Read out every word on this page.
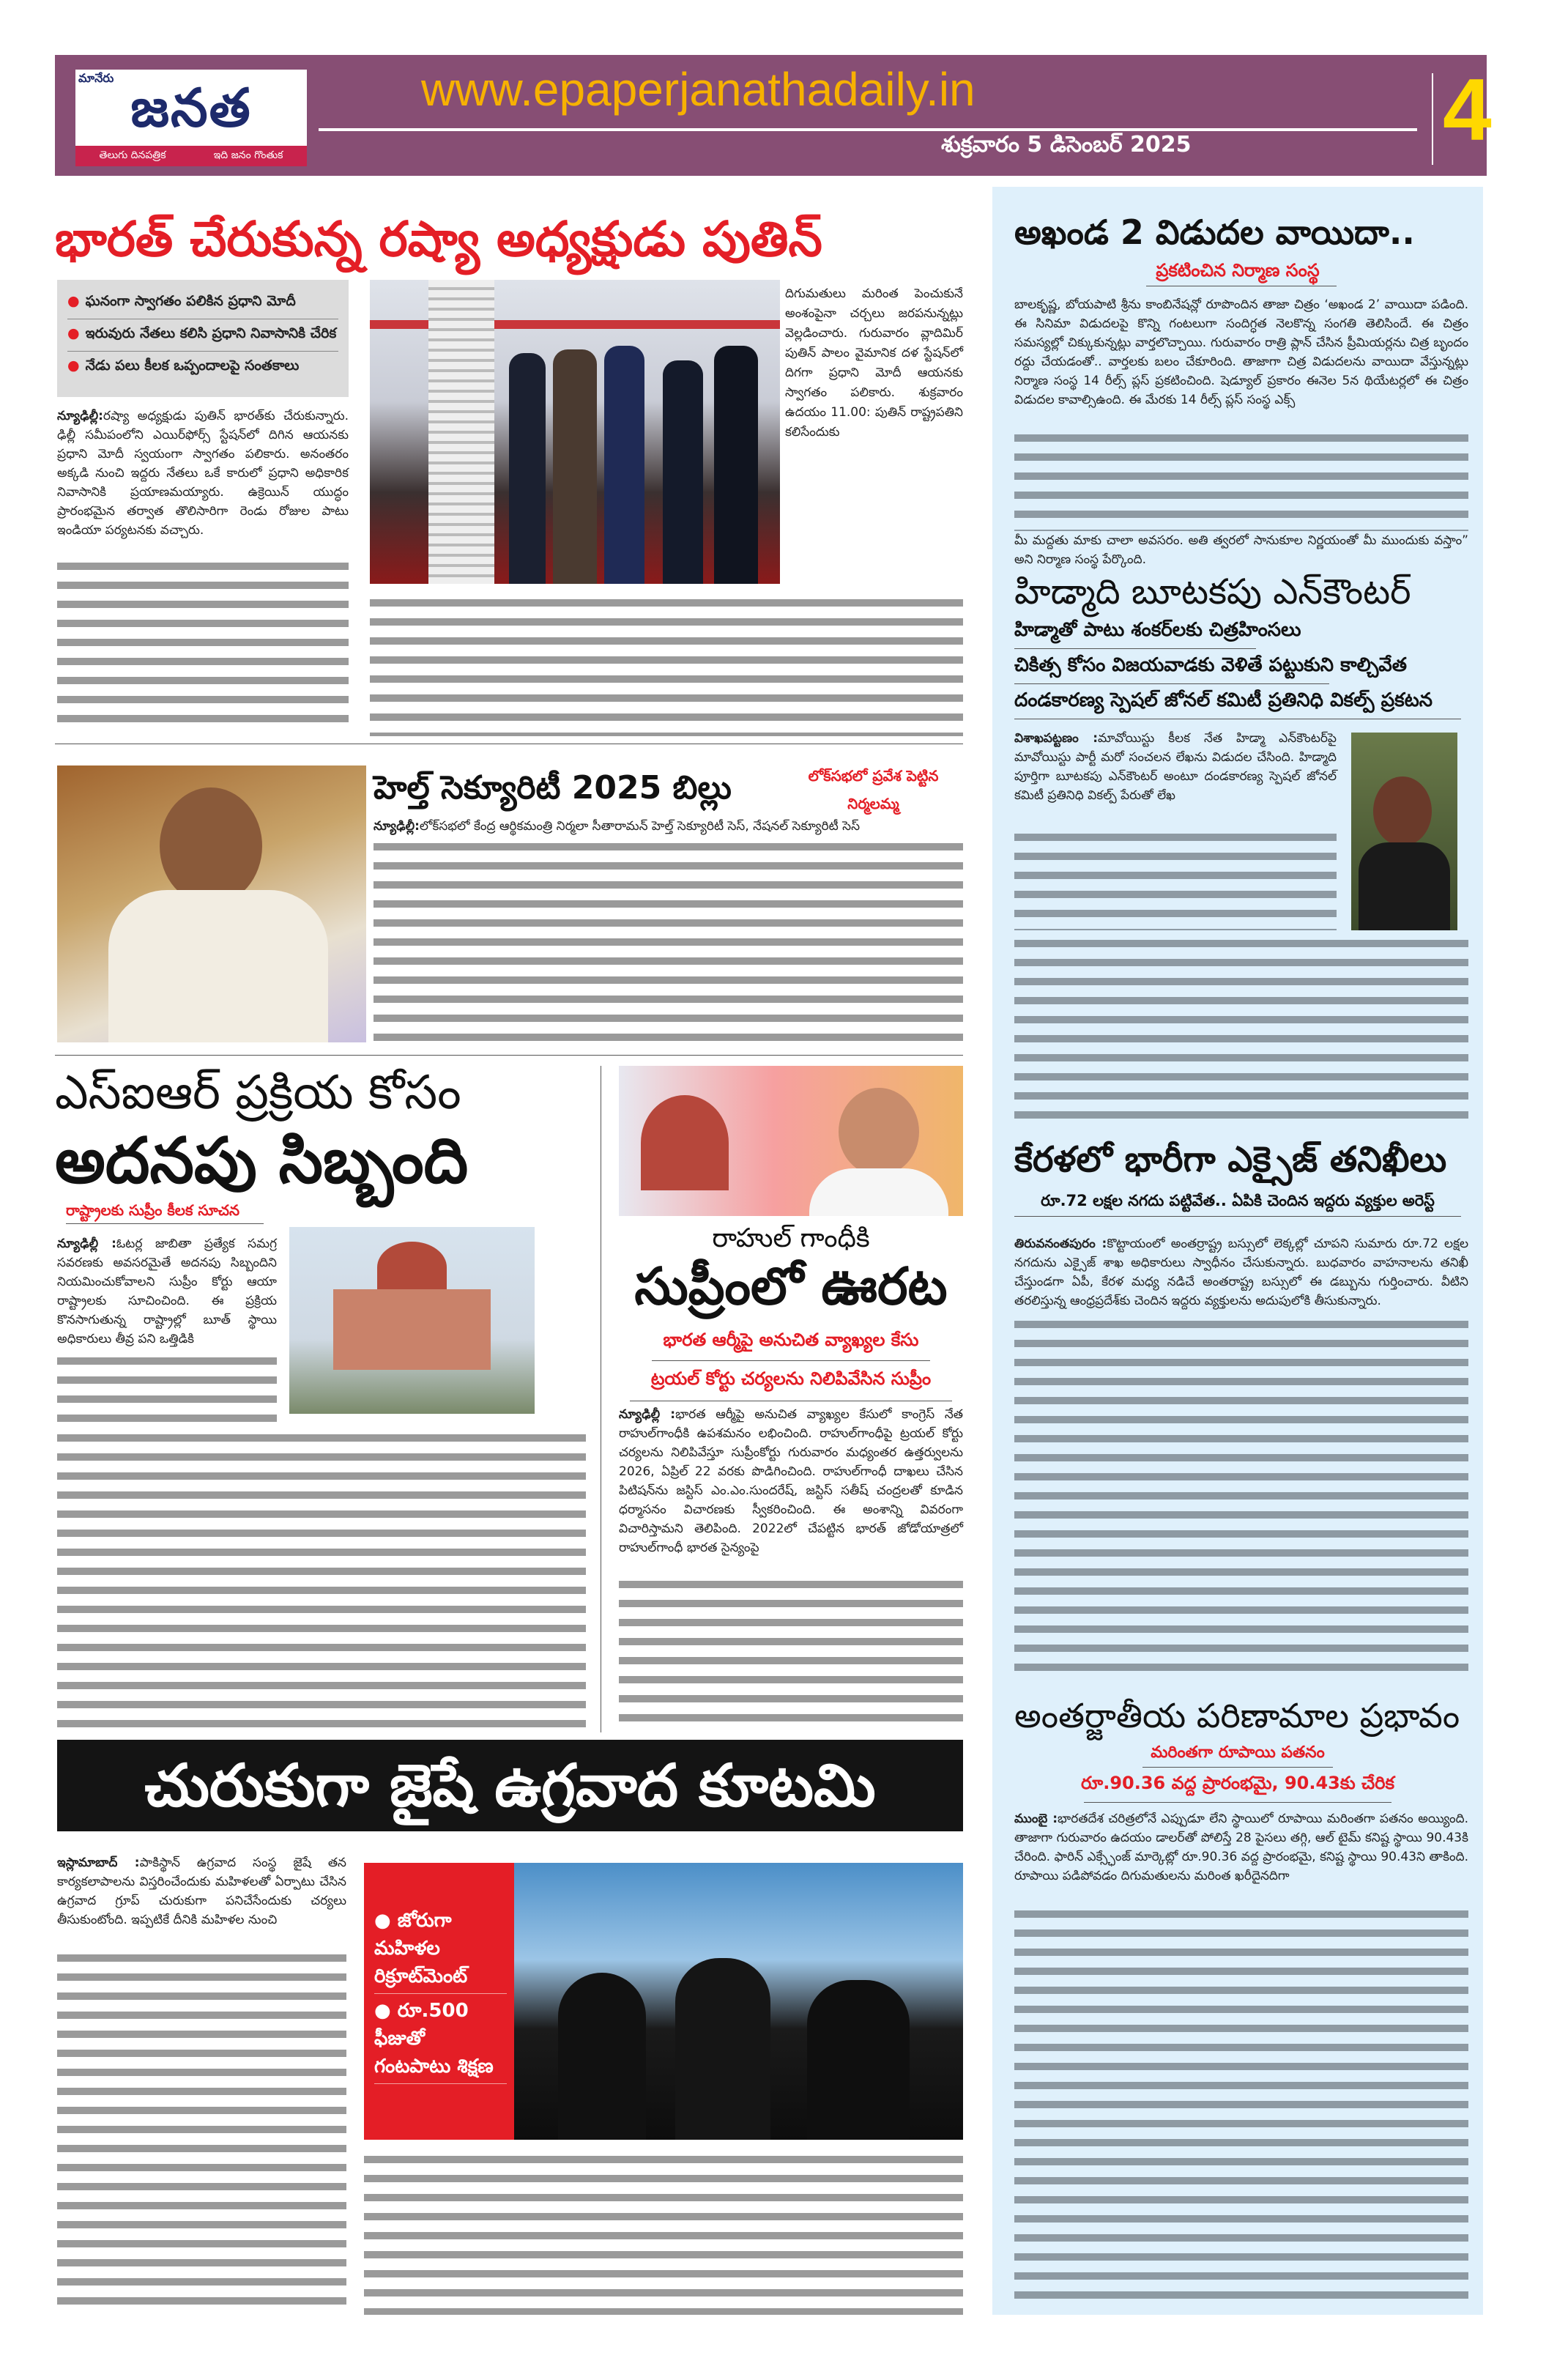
మానేరు జనత
తెలుగు దినపత్రిక	ఇది జనం గొంతుక
www.epaperjanathadaily.in
శుక్రవారం 5 డిసెంబర్ 2025	4
భారత్ చేరుకున్న రష్యా అధ్యక్షుడు పుతిన్
● ఘనంగా స్వాగతం పలికిన ప్రధాని మోదీ
● ఇరువురు నేతలు కలిసి ప్రధాని నివాసానికి చేరిక
● నేడు పలు కీలక ఒప్పందాలపై సంతకాలు
న్యూఢిల్లీ:రష్యా అధ్యక్షుడు పుతిన్ భారత్‌కు చేరుకున్నారు. ఢిల్లీ సమీపంలోని ఎయిర్‌ఫోర్స్ స్టేషన్‌లో దిగిన ఆయనకు ప్రధాని మోదీ స్వయంగా స్వాగతం పలికారు. అనంతరం అక్కడి నుంచి ఇద్దరు నేతలు ఒకే కారులో ప్రధాని అధికారిక నివాసానికి ప్రయాణమయ్యారు. ఉక్రెయిన్ యుద్ధం ప్రారంభమైన తర్వాత తొలిసారిగా రెండు రోజుల పాటు ఇండియా పర్యటనకు వచ్చారు.
దిగుమతులు మరింత పెంచుకునే అంశంపైనా చర్చలు జరపనున్నట్లు వెల్లడించారు. గురువారం వ్లాదిమిర్ పుతిన్ పాలం వైమానిక దళ స్టేషన్‌లో దిగగా ప్రధాని మోదీ ఆయనకు స్వాగతం పలికారు. శుక్రవారం ఉదయం 11.00: పుతిన్ రాష్ట్రపతిని కలిసేందుకు
హెల్త్ సెక్యూరిటీ 2025 బిల్లు	లోక్‌సభలో ప్రవేశ పెట్టిన నిర్మలమ్మ
న్యూఢిల్లీ:లోక్‌సభలో కేంద్ర ఆర్థికమంత్రి నిర్మలా సీతారామన్ హెల్త్ సెక్యూరిటీ సెస్, నేషనల్ సెక్యూరిటీ సెస్
ఎస్ఐఆర్ ప్రక్రియ కోసం
అదనపు సిబ్బంది
రాష్ట్రాలకు సుప్రీం కీలక సూచన
న్యూఢిల్లీ :ఓటర్ల జాబితా ప్రత్యేక సమగ్ర సవరణకు అవసరమైతే అదనపు సిబ్బందిని నియమించుకోవాలని సుప్రీం కోర్టు ఆయా రాష్ట్రాలకు సూచించింది. ఈ ప్రక్రియ కొనసాగుతున్న రాష్ట్రాల్లో బూత్ స్థాయి అధికారులు తీవ్ర పని ఒత్తిడికి
రాహుల్ గాంధీకి
సుప్రీంలో ఊరట
భారత ఆర్మీపై అనుచిత వ్యాఖ్యల కేసు
ట్రయల్ కోర్టు చర్యలను నిలిపివేసిన సుప్రీం
న్యూఢిల్లీ :భారత ఆర్మీపై అనుచిత వ్యాఖ్యల కేసులో కాంగ్రెస్ నేత రాహుల్‌గాంధీకి ఉపశమనం లభించింది. రాహుల్‌గాంధీపై ట్రయల్ కోర్టు చర్యలను నిలిపివేస్తూ సుప్రీంకోర్టు గురువారం మధ్యంతర ఉత్తర్వులను 2026, ఏప్రిల్ 22 వరకు పొడిగించింది. రాహుల్‌గాంధీ దాఖలు చేసిన పిటిషన్‌ను జస్టిస్ ఎం.ఎం.సుందరేష్, జస్టిస్ సతీష్ చంద్రలతో కూడిన ధర్మాసనం విచారణకు స్వీకరించింది. ఈ అంశాన్ని వివరంగా విచారిస్తామని తెలిపింది. 2022లో చేపట్టిన భారత్ జోడోయాత్రలో రాహుల్‌గాంధీ భారత సైన్యంపై
చురుకుగా జైషే ఉగ్రవాద కూటమి
ఇస్లామాబాద్ :పాకిస్థాన్ ఉగ్రవాద సంస్థ జైషే తన కార్యకలాపాలను విస్తరించేందుకు మహిళలతో ఏర్పాటు చేసిన ఉగ్రవాద గ్రూప్ చురుకుగా పనిచేసేందుకు చర్యలు తీసుకుంటోంది. ఇప్పటికే దీనికి మహిళల నుంచి	● జోరుగా మహిళల రిక్రూట్‌మెంట్
● రూ.500 ఫీజుతో గంటపాటు శిక్షణ
అఖండ 2 విడుదల వాయిదా..
ప్రకటించిన నిర్మాణ సంస్థ
బాలకృష్ణ, బోయపాటి శ్రీను కాంబినేషన్లో రూపొందిన తాజా చిత్రం ‘అఖండ 2’ వాయిదా పడింది. ఈ సినిమా విడుదలపై కొన్ని గంటలుగా సందిగ్ధత నెలకొన్న సంగతి తెలిసిందే. ఈ చిత్రం సమస్యల్లో చిక్కుకున్నట్లు వార్తలొచ్చాయి. గురువారం రాత్రి ప్లాన్ చేసిన ప్రీమియర్లను చిత్ర బృందం రద్దు చేయడంతో.. వార్తలకు బలం చేకూరింది. తాజాగా చిత్ర విడుదలను వాయిదా వేస్తున్నట్లు నిర్మాణ సంస్థ 14 రీల్స్ ప్లస్ ప్రకటించింది. షెడ్యూల్ ప్రకారం ఈనెల 5న థియేటర్లలో ఈ చిత్రం విడుదల కావాల్సిఉంది. ఈ మేరకు 14 రీల్స్ ప్లస్ సంస్థ ఎక్స్
మీ మద్దతు మాకు చాలా అవసరం. అతి త్వరలో సానుకూల నిర్ణయంతో మీ ముందుకు వస్తాం” అని నిర్మాణ సంస్థ పేర్కొంది.
హిడ్మాది బూటకపు ఎన్‌కౌంటర్
హిడ్మాతో పాటు శంకర్‌లకు చిత్రహింసలు
చికిత్స కోసం విజయవాడకు వెళితే పట్టుకుని కాల్చివేత
దండకారణ్య స్పెషల్ జోనల్ కమిటీ ప్రతినిధి వికల్ప్ ప్రకటన
విశాఖపట్టణం :మావోయిస్టు కీలక నేత హిడ్మా ఎన్‌కౌంటర్‌పై మావోయిస్టు పార్టీ మరో సంచలన లేఖను విడుదల చేసింది. హిడ్మాది పూర్తిగా బూటకపు ఎన్‌కౌంటర్ అంటూ దండకారణ్య స్పెషల్ జోనల్ కమిటీ ప్రతినిధి వికల్ప్ పేరుతో లేఖ
కేరళలో భారీగా ఎక్సైజ్ తనిఖీలు
రూ.72 లక్షల నగదు పట్టివేత.. ఏపికి చెందిన ఇద్దరు వ్యక్తుల అరెస్ట్
తిరువనంతపురం :కొట్టాయంలో అంతర్రాష్ట్ర బస్సులో లెక్కల్లో చూపని సుమారు రూ.72 లక్షల నగదును ఎక్సైజ్ శాఖ అధికారులు స్వాధీనం చేసుకున్నారు. బుధవారం వాహనాలను తనిఖీ చేస్తుండగా ఏపీ, కేరళ మధ్య నడిచే అంతరాష్ట్ర బస్సులో ఈ డబ్బును గుర్తించారు. వీటిని తరలిస్తున్న ఆంధ్రప్రదేశ్‌కు చెందిన ఇద్దరు వ్యక్తులను అదుపులోకి తీసుకున్నారు.
అంతర్జాతీయ పరిణామాల ప్రభావం
మరింతగా రూపాయి పతనం
రూ.90.36 వద్ద ప్రారంభమై, 90.43కు చేరిక
ముంబై :భారతదేశ చరిత్రలోనే ఎప్పుడూ లేని స్థాయిలో రూపాయి మరింతగా పతనం అయ్యింది. తాజాగా గురువారం ఉదయం డాలర్‌తో పోలిస్తే 28 పైసలు తగ్గి, ఆల్ టైమ్ కనిష్ట స్థాయి 90.43కి చేరింది. ఫారిన్ ఎక్స్ఛేంజ్ మార్కెట్లో రూ.90.36 వద్ద ప్రారంభమై, కనిష్ట స్థాయి 90.43ని తాకింది. రూపాయి పడిపోవడం దిగుమతులను మరింత ఖరీదైనదిగా
